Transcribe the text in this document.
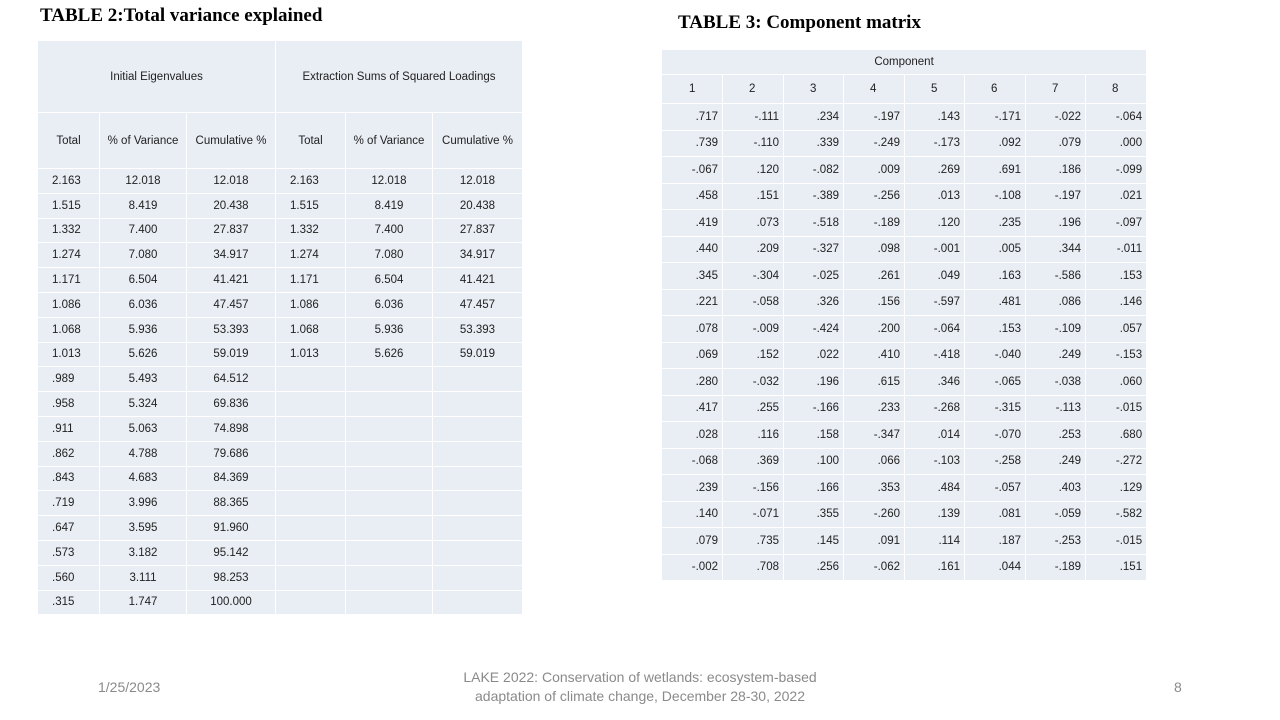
TABLE 2:Total variance explained	TABLE 3: Component matrix
Initial Eigenvalues			Extraction Sums of Squared Loadings		
Total	% of Variance	Cumulative %	Total	% of Variance	Cumulative %
2.163	12.018	12.018	2.163	12.018	12.018
1.515	8.419	20.438	1.515	8.419	20.438
1.332	7.400	27.837	1.332	7.400	27.837
1.274	7.080	34.917	1.274	7.080	34.917
1.171	6.504	41.421	1.171	6.504	41.421
1.086	6.036	47.457	1.086	6.036	47.457
1.068	5.936	53.393	1.068	5.936	53.393
1.013	5.626	59.019	1.013	5.626	59.019
.989	5.493	64.512			
.958	5.324	69.836			
.911	5.063	74.898			
.862	4.788	79.686			
.843	4.683	84.369			
.719	3.996	88.365			
.647	3.595	91.960			
.573	3.182	95.142			
.560	3.111	98.253			
.315	1.747	100.000			
Component							
1	2	3	4	5	6	7	8
.717	-.111	.234	-.197	.143	-.171	-.022	-.064
.739	-.110	.339	-.249	-.173	.092	.079	.000
-.067	.120	-.082	.009	.269	.691	.186	-.099
.458	.151	-.389	-.256	.013	-.108	-.197	.021
.419	.073	-.518	-.189	.120	.235	.196	-.097
.440	.209	-.327	.098	-.001	.005	.344	-.011
.345	-.304	-.025	.261	.049	.163	-.586	.153
.221	-.058	.326	.156	-.597	.481	.086	.146
.078	-.009	-.424	.200	-.064	.153	-.109	.057
.069	.152	.022	.410	-.418	-.040	.249	-.153
.280	-.032	.196	.615	.346	-.065	-.038	.060
.417	.255	-.166	.233	-.268	-.315	-.113	-.015
.028	.116	.158	-.347	.014	-.070	.253	.680
-.068	.369	.100	.066	-.103	-.258	.249	-.272
.239	-.156	.166	.353	.484	-.057	.403	.129
.140	-.071	.355	-.260	.139	.081	-.059	-.582
.079	.735	.145	.091	.114	.187	-.253	-.015
-.002	.708	.256	-.062	.161	.044	-.189	.151
1/25/2023
LAKE 2022: Conservation of wetlands: ecosystem-based
adaptation of climate change, December 28-30, 2022
8
